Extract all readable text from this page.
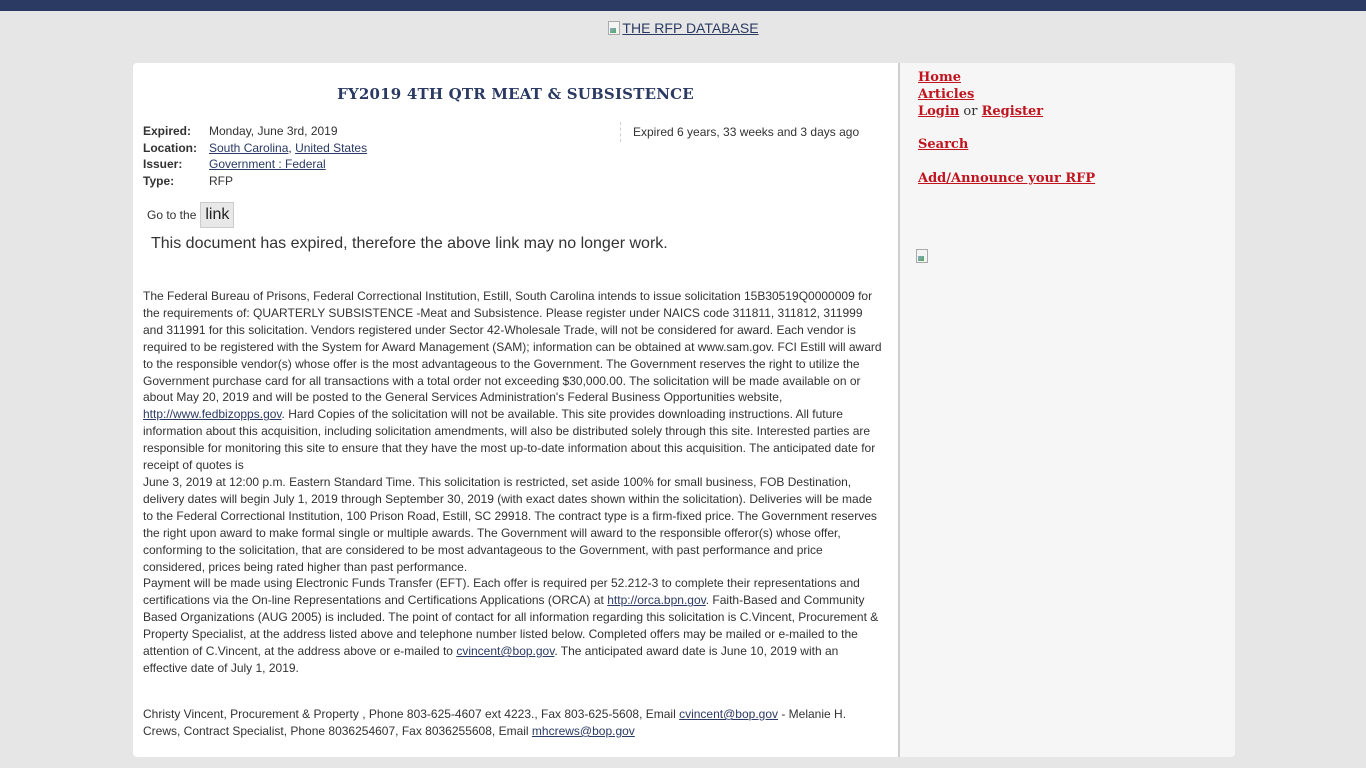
THE RFP DATABASE
FY2019 4TH QTR MEAT & SUBSISTENCE
Expired:	Monday, June 3rd, 2019
Location:	South Carolina, United States
Issuer:	Government : Federal
Type:	RFP
Expired 6 years, 33 weeks and 3 days ago
Go to the link
This document has expired, therefore the above link may no longer work.

The Federal Bureau of Prisons, Federal Correctional Institution, Estill, South Carolina intends to issue solicitation 15B30519Q0000009 for the requirements of: QUARTERLY SUBSISTENCE -Meat and Subsistence. Please register under NAICS code 311811, 311812, 311999 and 311991 for this solicitation. Vendors registered under Sector 42-Wholesale Trade, will not be considered for award. Each vendor is required to be registered with the System for Award Management (SAM); information can be obtained at www.sam.gov. FCI Estill will award to the responsible vendor(s) whose offer is the most advantageous to the Government. The Government reserves the right to utilize the Government purchase card for all transactions with a total order not exceeding $30,000.00. The solicitation will be made available on or about May 20, 2019 and will be posted to the General Services Administration's Federal Business Opportunities website, http://www.fedbizopps.gov. Hard Copies of the solicitation will not be available. This site provides downloading instructions. All future information about this acquisition, including solicitation amendments, will also be distributed solely through this site. Interested parties are responsible for monitoring this site to ensure that they have the most up-to-date information about this acquisition. The anticipated date for receipt of quotes is

June 3, 2019 at 12:00 p.m. Eastern Standard Time. This solicitation is restricted, set aside 100% for small business, FOB Destination, delivery dates will begin July 1, 2019 through September 30, 2019 (with exact dates shown within the solicitation). Deliveries will be made to the Federal Correctional Institution, 100 Prison Road, Estill, SC 29918. The contract type is a firm-fixed price. The Government reserves the right upon award to make formal single or multiple awards. The Government will award to the responsible offeror(s) whose offer, conforming to the solicitation, that are considered to be most advantageous to the Government, with past performance and price considered, prices being rated higher than past performance.

Payment will be made using Electronic Funds Transfer (EFT). Each offer is required per 52.212-3 to complete their representations and certifications via the On-line Representations and Certifications Applications (ORCA) at http://orca.bpn.gov. Faith-Based and Community Based Organizations (AUG 2005) is included. The point of contact for all information regarding this solicitation is C.Vincent, Procurement & Property Specialist, at the address listed above and telephone number listed below. Completed offers may be mailed or e-mailed to the attention of C.Vincent, at the address above or e-mailed to cvincent@bop.gov. The anticipated award date is June 10, 2019 with an effective date of July 1, 2019.

Christy Vincent, Procurement & Property , Phone 803-625-4607 ext 4223., Fax 803-625-5608, Email cvincent@bop.gov - Melanie H. Crews, Contract Specialist, Phone 8036254607, Fax 8036255608, Email mhcrews@bop.gov
Home
Articles
Login or Register
Search
Add/Announce your RFP
